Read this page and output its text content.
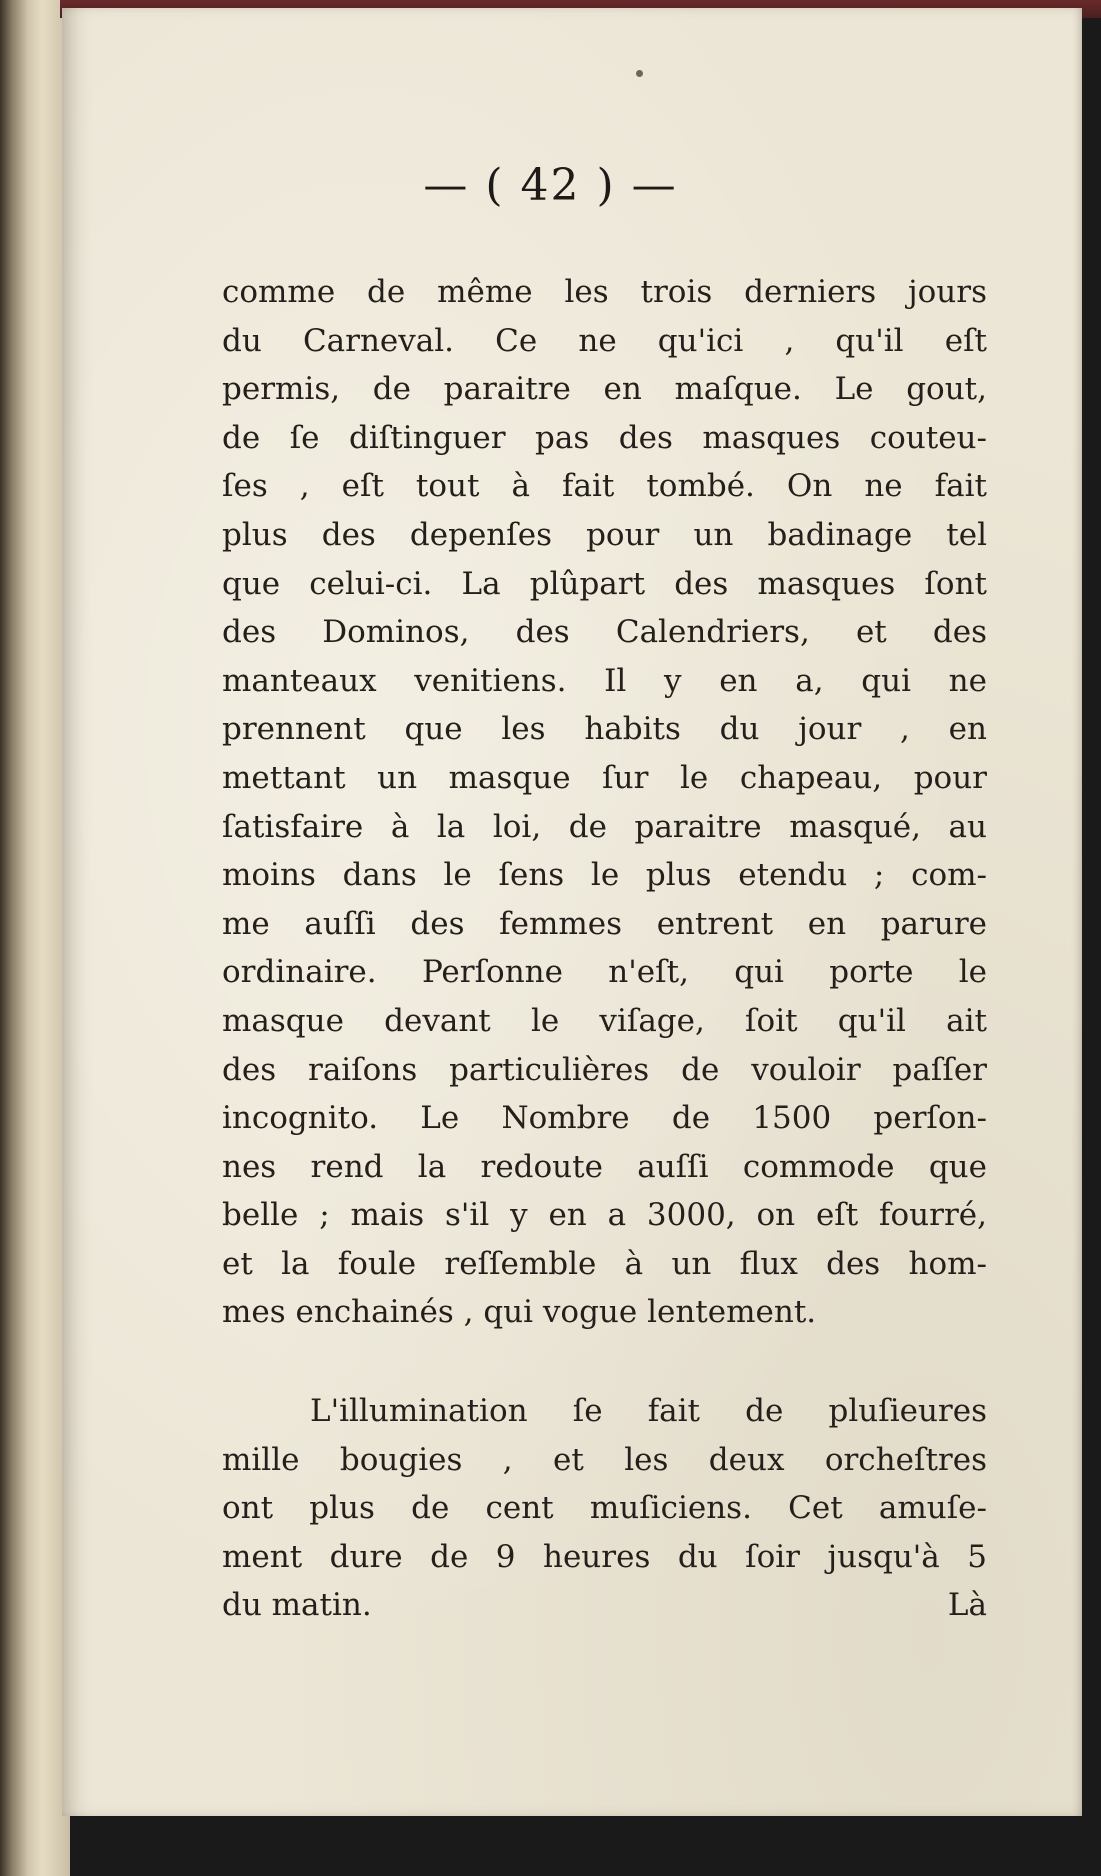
— ( 42 ) —
comme de même les trois derniers jours
du Carneval. Ce ne qu'ici , qu'il eſt
permis, de paraitre en maſque. Le gout,
de ſe diſtinguer pas des masques couteu-
ſes , eſt tout à fait tombé. On ne fait
plus des depenſes pour un badinage tel
que celui-ci. La plûpart des masques ſont
des Dominos, des Calendriers, et des
manteaux venitiens. Il y en a, qui ne
prennent que les habits du jour , en
mettant un masque ſur le chapeau, pour
ſatisfaire à la loi, de paraitre masqué, au
moins dans le ſens le plus etendu ; com-
me auſſi des femmes entrent en parure
ordinaire. Perſonne n'eſt, qui porte le
masque devant le viſage, ſoit qu'il ait
des raiſons particulières de vouloir paſſer
incognito. Le Nombre de 1500 perſon-
nes rend la redoute auſſi commode que
belle ; mais s'il y en a 3000, on eſt fourré,
et la foule reſſemble à un flux des hom-
mes enchainés , qui vogue lentement.
L'illumination ſe fait de pluſieures
mille bougies , et les deux orcheſtres
ont plus de cent muſiciens. Cet amuſe-
ment dure de 9 heures du ſoir jusqu'à 5
du matin.	Là
